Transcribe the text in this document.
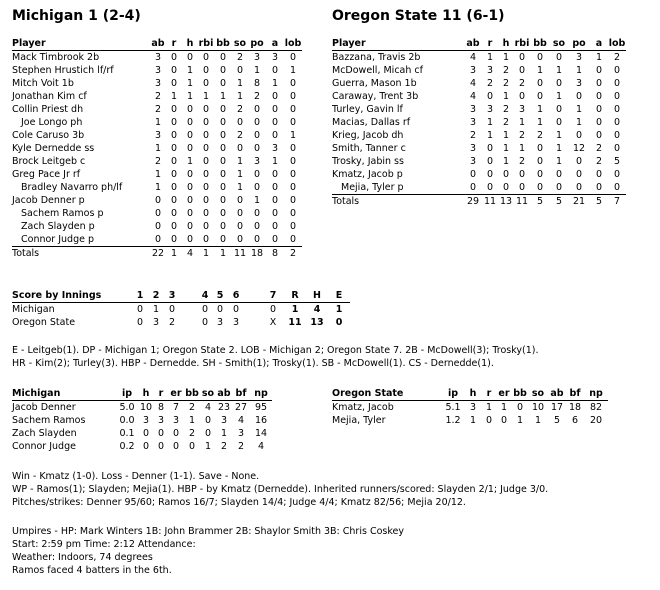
Michigan 1 (2-4)	Oregon State 11 (6-1)
Player	ab	r	h	rbi	bb	so	po	a	lob
Mack Timbrook 2b	3	0	0	0	0	2	3	3	0
Stephen Hrustich lf/rf	3	0	1	0	0	0	1	0	1
Mitch Voit 1b	3	0	1	0	0	1	8	1	0
Jonathan Kim cf	2	1	1	1	1	1	2	0	0
Collin Priest dh	2	0	0	0	0	2	0	0	0
Joe Longo ph	1	0	0	0	0	0	0	0	0
Cole Caruso 3b	3	0	0	0	0	2	0	0	1
Kyle Dernedde ss	1	0	0	0	0	0	0	3	0
Brock Leitgeb c	2	0	1	0	0	1	3	1	0
Greg Pace Jr rf	1	0	0	0	0	1	0	0	0
Bradley Navarro ph/lf	1	0	0	0	0	1	0	0	0
Jacob Denner p	0	0	0	0	0	0	1	0	0
Sachem Ramos p	0	0	0	0	0	0	0	0	0
Zach Slayden p	0	0	0	0	0	0	0	0	0
Connor Judge p	0	0	0	0	0	0	0	0	0
Totals	22	1	4	1	1	11	18	8	2
Player	ab	r	h	rbi	bb	so	po	a	lob
Bazzana, Travis 2b	4	1	1	0	0	0	3	1	2
McDowell, Micah cf	3	3	2	0	1	1	1	0	0
Guerra, Mason 1b	4	2	2	2	0	0	3	0	0
Caraway, Trent 3b	4	0	1	0	0	1	0	0	0
Turley, Gavin lf	3	3	2	3	1	0	1	0	0
Macias, Dallas rf	3	1	2	1	1	0	1	0	0
Krieg, Jacob dh	2	1	1	2	2	1	0	0	0
Smith, Tanner c	3	0	1	1	0	1	12	2	0
Trosky, Jabin ss	3	0	1	2	0	1	0	2	5
Kmatz, Jacob p	0	0	0	0	0	0	0	0	0
Mejia, Tyler p	0	0	0	0	0	0	0	0	0
Totals	29	11	13	11	5	5	21	5	7
Score by Innings	1	2	3		4	5	6		7	R	H	E
Michigan	0	1	0		0	0	0		0	1	4	1
Oregon State	0	3	2		0	3	3		X	11	13	0
E - Leitgeb(1). DP - Michigan 1; Oregon State 2. LOB - Michigan 2; Oregon State 7. 2B - McDowell(3); Trosky(1).
HR - Kim(2); Turley(3). HBP - Dernedde. SH - Smith(1); Trosky(1). SB - McDowell(1). CS - Dernedde(1).
Michigan	ip	h	r	er	bb	so	ab	bf	np
Jacob Denner	5.0	10	8	7	2	4	23	27	95
Sachem Ramos	0.0	3	3	3	1	0	3	4	16
Zach Slayden	0.1	0	0	0	2	0	1	3	14
Connor Judge	0.2	0	0	0	0	1	2	2	4
Oregon State	ip	h	r	er	bb	so	ab	bf	np
Kmatz, Jacob	5.1	3	1	1	0	10	17	18	82
Mejia, Tyler	1.2	1	0	0	1	1	5	6	20
Win - Kmatz (1-0). Loss - Denner (1-1). Save - None.
WP - Ramos(1); Slayden; Mejia(1). HBP - by Kmatz (Dernedde). Inherited runners/scored: Slayden 2/1; Judge 3/0.
Pitches/strikes: Denner 95/60; Ramos 16/7; Slayden 14/4; Judge 4/4; Kmatz 82/56; Mejia 20/12.
Umpires - HP: Mark Winters 1B: John Brammer 2B: Shaylor Smith 3B: Chris Coskey
Start: 2:59 pm Time: 2:12 Attendance:
Weather: Indoors, 74 degrees
Ramos faced 4 batters in the 6th.
